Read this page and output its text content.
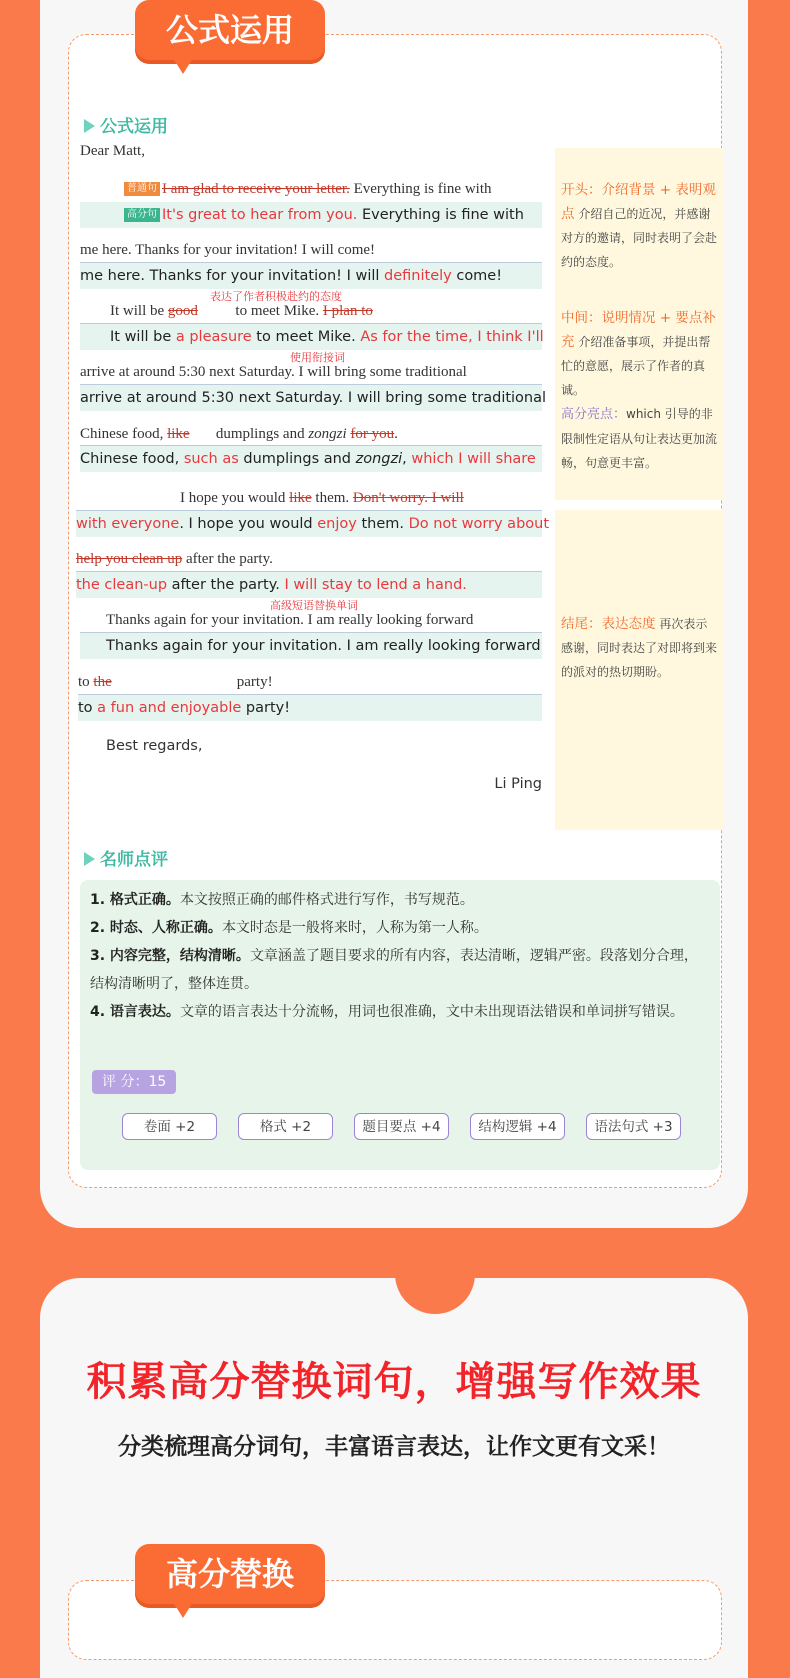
公式运用
高分替换
公式运用
Dear Matt,
普通句 I am glad to receive your letter. Everything is fine with
高分句 It's great to hear from you. Everything is fine with
me here. Thanks for your invitation! I will come!
me here. Thanks for your invitation! I will definitely come!
表达了作者积极赴约的态度
It will be good          to meet Mike. I plan to
It will be a pleasure to meet Mike. As for the time, I think I'll
使用衔接词
arrive at around 5:30 next Saturday. I will bring some traditional
arrive at around 5:30 next Saturday. I will bring some traditional
Chinese food, like       dumplings and zongzi for you.
Chinese food, such as dumplings and zongzi, which I will share
I hope you would like them. Don't worry. I will
with everyone. I hope you would enjoy them. Do not worry about
help you clean up after the party.
the clean-up after the party. I will stay to lend a hand.
高级短语替换单词
Thanks again for your invitation. I am really looking forward
Thanks again for your invitation. I am really looking forward
to the	party!
to a fun and enjoyable party!
Best regards,
Li Ping
开头：介绍背景 + 表明观点 介绍自己的近况，并感谢对方的邀请，同时表明了会赴约的态度。
中间：说明情况 + 要点补充 介绍准备事项，并提出帮忙的意愿，展示了作者的真诚。
高分亮点：which 引导的非限制性定语从句让表达更加流畅，句意更丰富。
结尾：表达态度 再次表示感谢，同时表达了对即将到来的派对的热切期盼。
名师点评
1. 格式正确。本文按照正确的邮件格式进行写作，书写规范。
2. 时态、人称正确。本文时态是一般将来时，人称为第一人称。
3. 内容完整，结构清晰。文章涵盖了题目要求的所有内容，表达清晰，逻辑严密。段落划分合理，结构清晰明了，整体连贯。
4. 语言表达。文章的语言表达十分流畅，用词也很准确，文中未出现语法错误和单词拼写错误。
评 分：15
卷面 +2	格式 +2	题目要点 +4	结构逻辑 +4	语法句式 +3
积累高分替换词句，增强写作效果
分类梳理高分词句，丰富语言表达，让作文更有文采！
